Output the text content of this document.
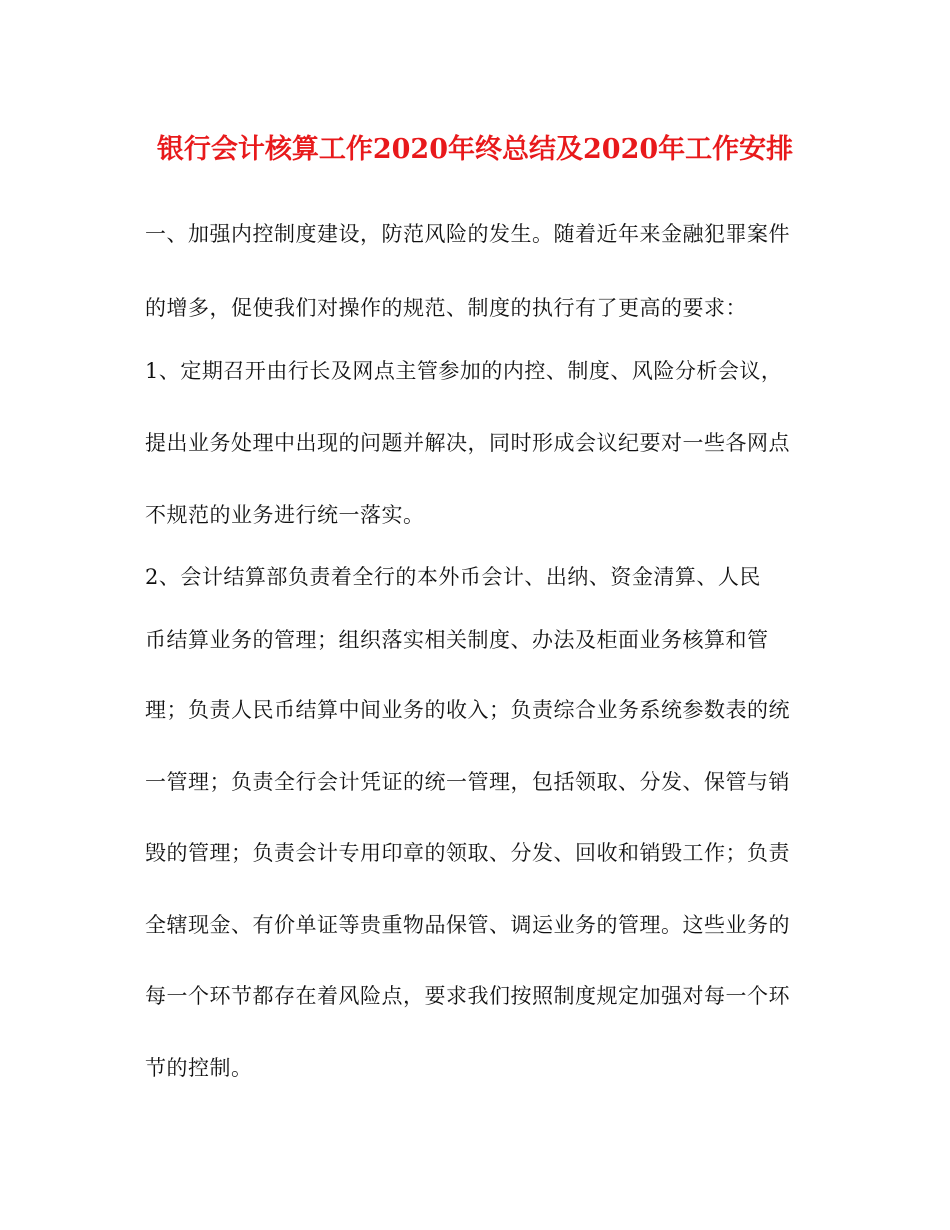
银行会计核算工作2020年终总结及2020年工作安排
一、加强内控制度建设，防范风险的发生。随着近年来金融犯罪案件
的增多，促使我们对操作的规范、制度的执行有了更高的要求：
1、定期召开由行长及网点主管参加的内控、制度、风险分析会议，
提出业务处理中出现的问题并解决，同时形成会议纪要对一些各网点
不规范的业务进行统一落实。
2、会计结算部负责着全行的本外币会计、出纳、资金清算、人民
币结算业务的管理；组织落实相关制度、办法及柜面业务核算和管
理；负责人民币结算中间业务的收入；负责综合业务系统参数表的统
一管理；负责全行会计凭证的统一管理，包括领取、分发、保管与销
毁的管理；负责会计专用印章的领取、分发、回收和销毁工作；负责
全辖现金、有价单证等贵重物品保管、调运业务的管理。这些业务的
每一个环节都存在着风险点，要求我们按照制度规定加强对每一个环
节的控制。
